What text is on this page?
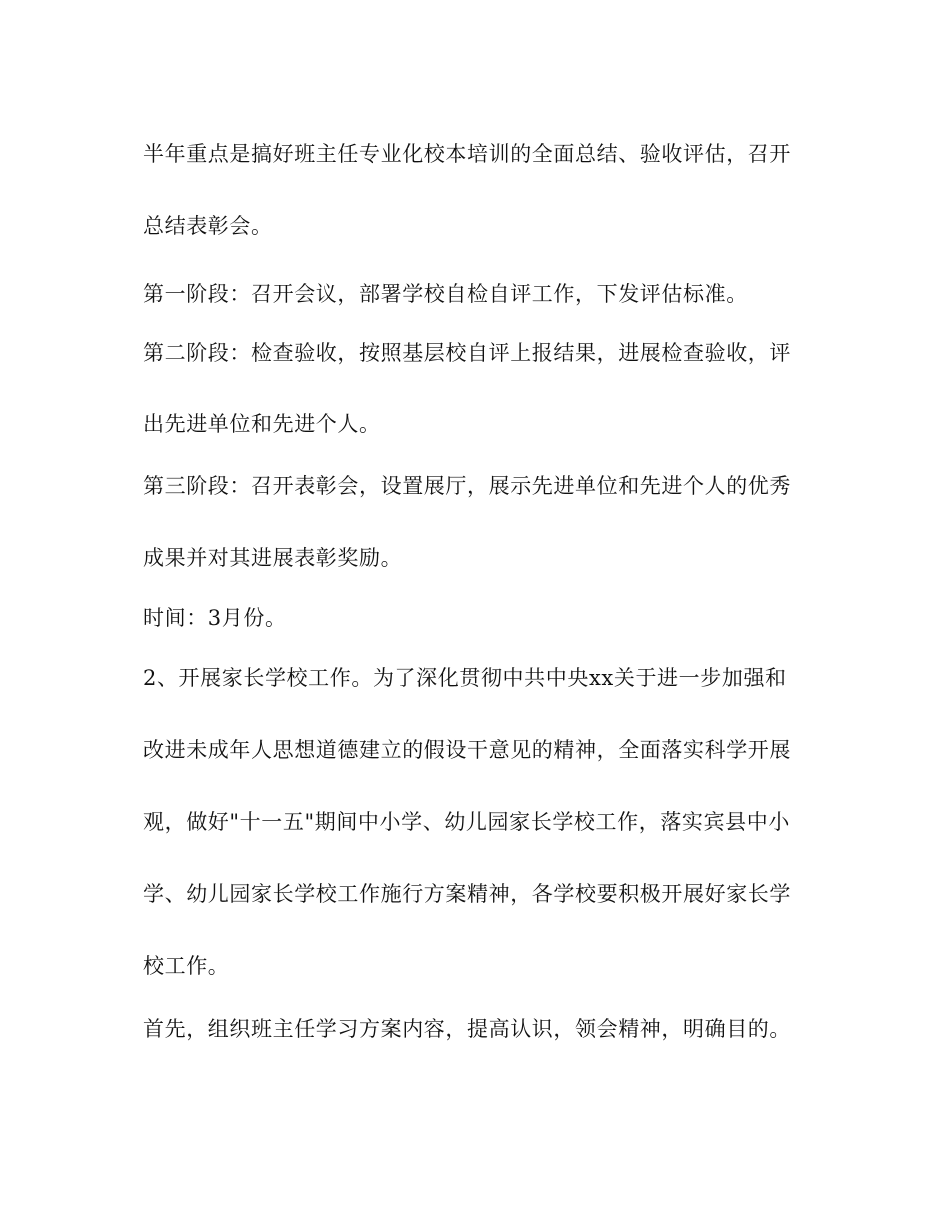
半年重点是搞好班主任专业化校本培训的全面总结、验收评估，召开
总结表彰会。
第一阶段：召开会议，部署学校自检自评工作，下发评估标准。
第二阶段：检查验收，按照基层校自评上报结果，进展检查验收，评
出先进单位和先进个人。
第三阶段：召开表彰会，设置展厅，展示先进单位和先进个人的优秀
成果并对其进展表彰奖励。
时间：3月份。
2、开展家长学校工作。为了深化贯彻中共中央xx关于进一步加强和
改进未成年人思想道德建立的假设干意见的精神，全面落实科学开展
观，做好"十一五"期间中小学、幼儿园家长学校工作，落实宾县中小
学、幼儿园家长学校工作施行方案精神，各学校要积极开展好家长学
校工作。
首先，组织班主任学习方案内容，提高认识，领会精神，明确目的。
